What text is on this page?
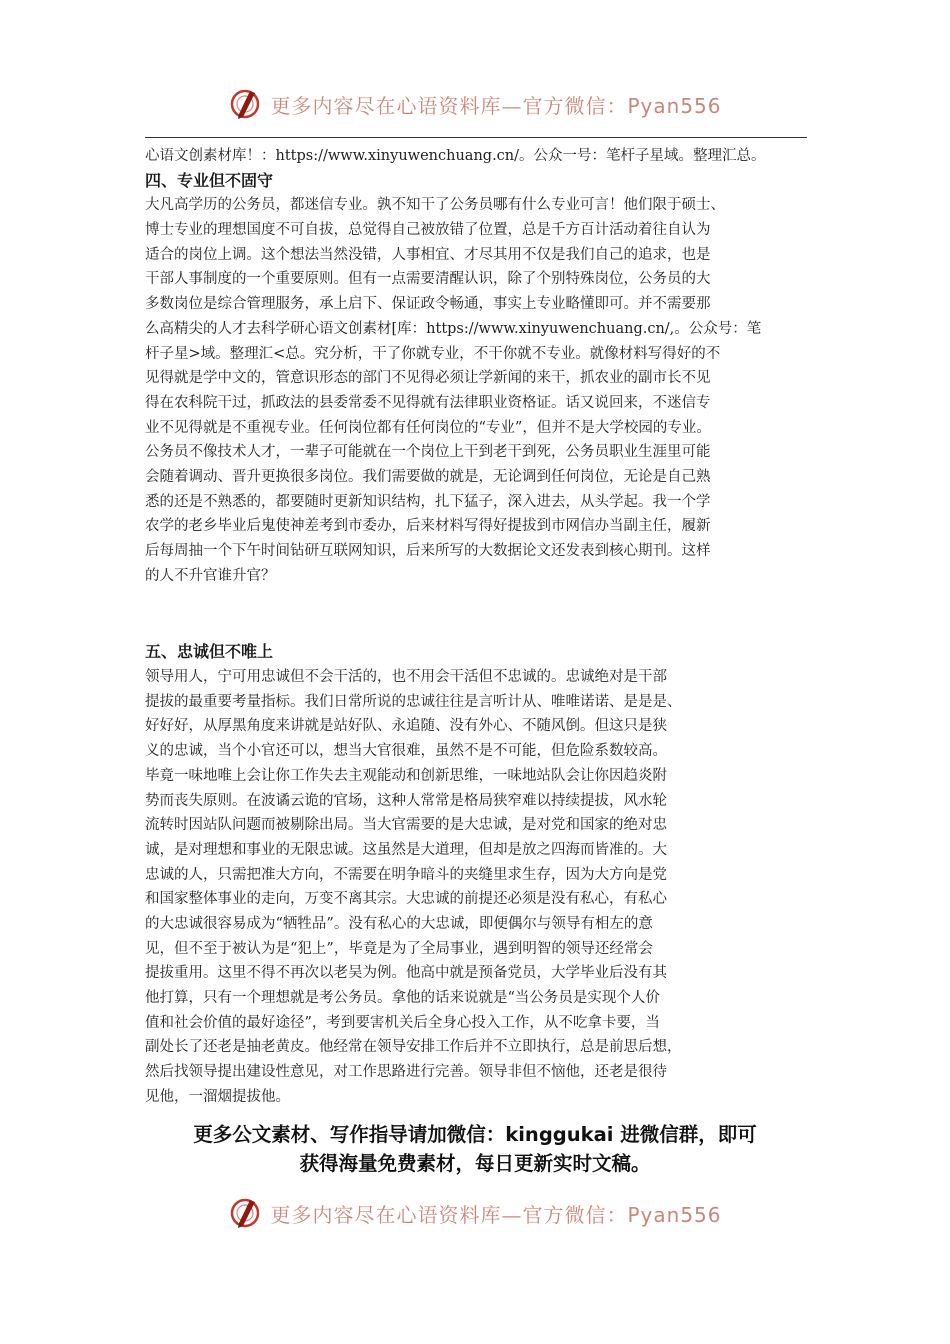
更多内容尽在心语资料库—官方微信：Pyan556
心语文创素材库！：https://www.xinyuwenchuang.cn/。公众一号：笔杆子星域。整理汇总。
四、专业但不固守
大凡高学历的公务员，都迷信专业。孰不知干了公务员哪有什么专业可言！他们限于硕士、
博士专业的理想国度不可自拔，总觉得自己被放错了位置，总是千方百计活动着往自认为
适合的岗位上调。这个想法当然没错，人事相宜、才尽其用不仅是我们自己的追求，也是
干部人事制度的一个重要原则。但有一点需要清醒认识，除了个别特殊岗位，公务员的大
多数岗位是综合管理服务，承上启下、保证政令畅通，事实上专业略懂即可。并不需要那
么高精尖的人才去科学研心语文创素材[库：https://www.xinyuwenchuang.cn/,。公众号：笔
杆子星>域。整理汇<总。究分析，干了你就专业，不干你就不专业。就像材料写得好的不
见得就是学中文的，管意识形态的部门不见得必须让学新闻的来干，抓农业的副市长不见
得在农科院干过，抓政法的县委常委不见得就有法律职业资格证。话又说回来，不迷信专
业不见得就是不重视专业。任何岗位都有任何岗位的“专业”，但并不是大学校园的专业。
公务员不像技术人才，一辈子可能就在一个岗位上干到老干到死，公务员职业生涯里可能
会随着调动、晋升更换很多岗位。我们需要做的就是，无论调到任何岗位，无论是自己熟
悉的还是不熟悉的，都要随时更新知识结构，扎下猛子，深入进去，从头学起。我一个学
农学的老乡毕业后鬼使神差考到市委办，后来材料写得好提拔到市网信办当副主任，履新
后每周抽一个下午时间钻研互联网知识，后来所写的大数据论文还发表到核心期刊。这样
的人不升官谁升官？
五、忠诚但不唯上
领导用人，宁可用忠诚但不会干活的，也不用会干活但不忠诚的。忠诚绝对是干部
提拔的最重要考量指标。我们日常所说的忠诚往往是言听计从、唯唯诺诺、是是是、
好好好，从厚黑角度来讲就是站好队、永追随、没有外心、不随风倒。但这只是狭
义的忠诚，当个小官还可以，想当大官很难，虽然不是不可能，但危险系数较高。
毕竟一味地唯上会让你工作失去主观能动和创新思维，一味地站队会让你因趋炎附
势而丧失原则。在波谲云诡的官场，这种人常常是格局狭窄难以持续提拔，风水轮
流转时因站队问题而被剔除出局。当大官需要的是大忠诚，是对党和国家的绝对忠
诚，是对理想和事业的无限忠诚。这虽然是大道理，但却是放之四海而皆准的。大
忠诚的人，只需把准大方向，不需要在明争暗斗的夹缝里求生存，因为大方向是党
和国家整体事业的走向，万变不离其宗。大忠诚的前提还必须是没有私心，有私心
的大忠诚很容易成为“牺牲品”。没有私心的大忠诚，即便偶尔与领导有相左的意
见，但不至于被认为是“犯上”，毕竟是为了全局事业，遇到明智的领导还经常会
提拔重用。这里不得不再次以老吴为例。他高中就是预备党员，大学毕业后没有其
他打算，只有一个理想就是考公务员。拿他的话来说就是“当公务员是实现个人价
值和社会价值的最好途径”，考到要害机关后全身心投入工作，从不吃拿卡要，当
副处长了还老是抽老黄皮。他经常在领导安排工作后并不立即执行，总是前思后想，
然后找领导提出建设性意见，对工作思路进行完善。领导非但不恼他，还老是很待
见他，一溜烟提拔他。
更多公文素材、写作指导请加微信：kinggukai 进微信群，即可
获得海量免费素材，每日更新实时文稿。
更多内容尽在心语资料库—官方微信：Pyan556
